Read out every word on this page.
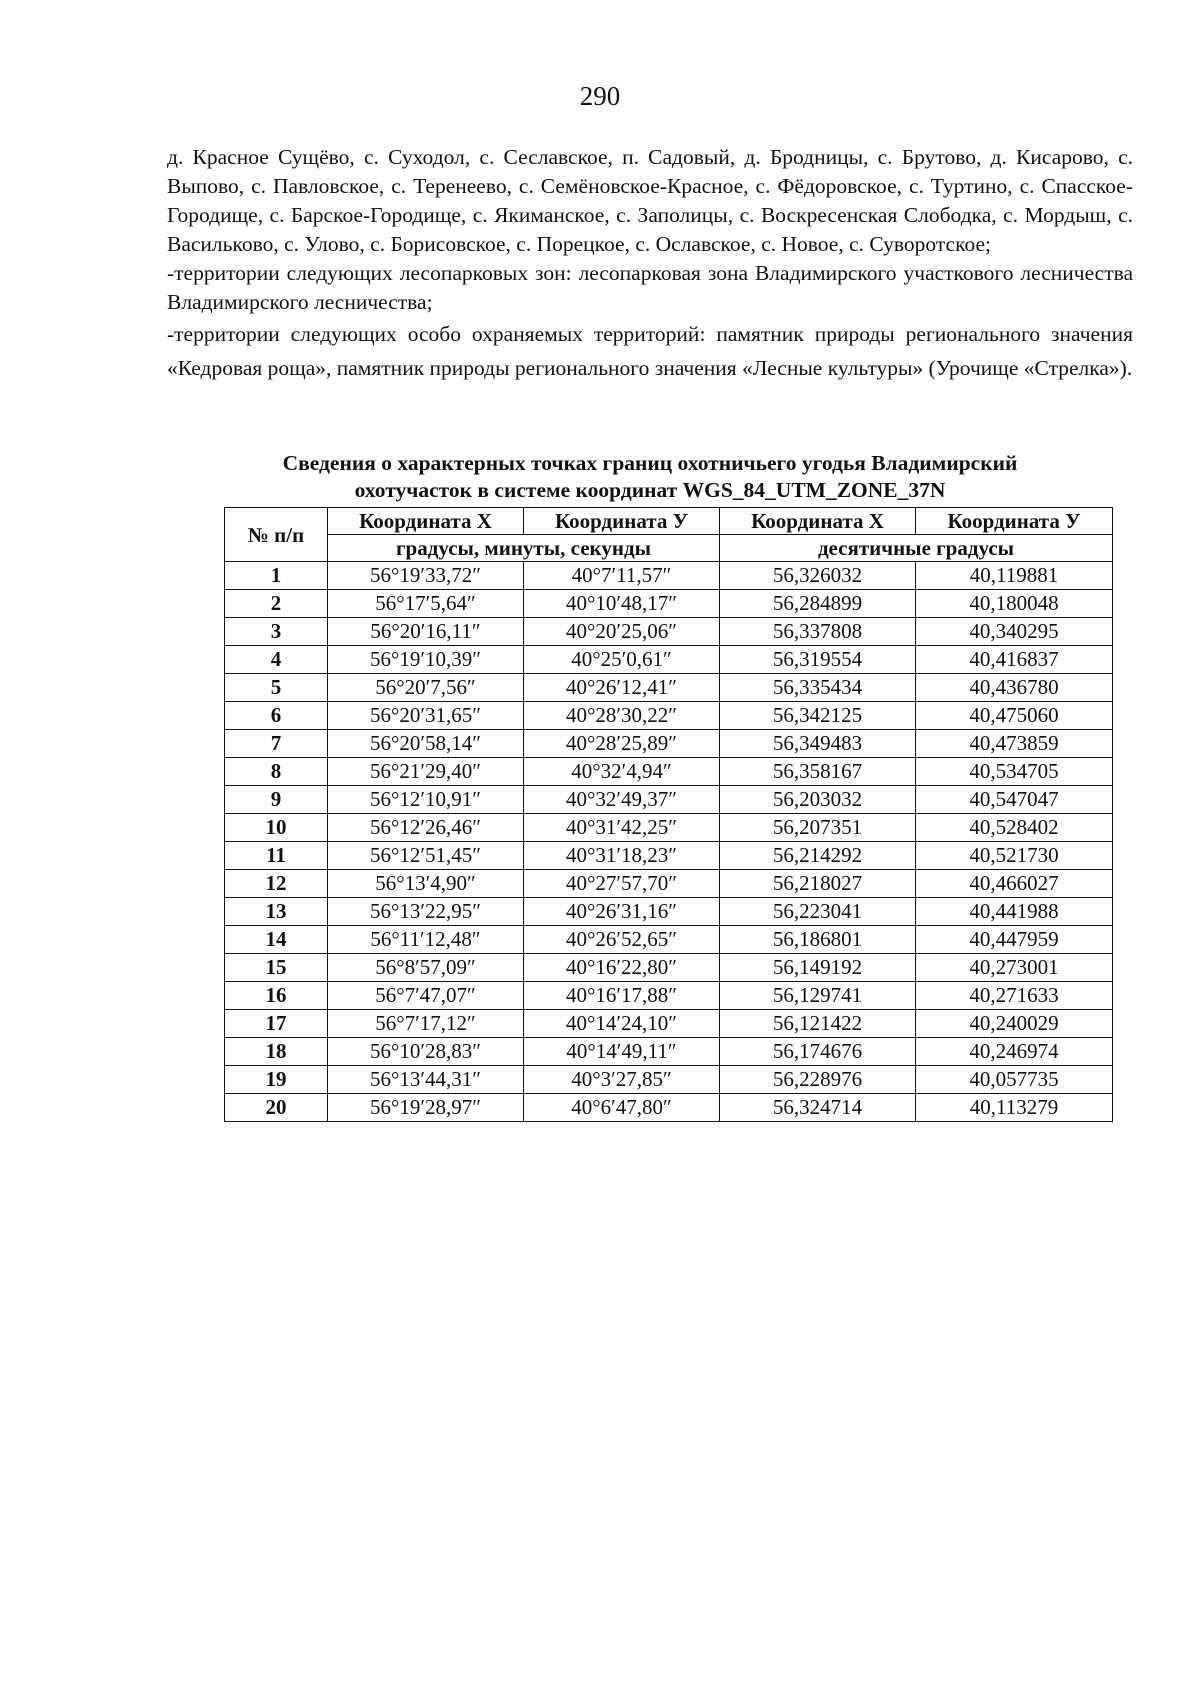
290

д. Красное Сущёво, с. Суходол, с. Сеславское, п. Садовый, д. Бродницы, с. Брутово, д. Кисарово, с. Выпово, с. Павловское, с. Теренеево, с. Семёновское-Красное, с. Фёдоровское, с. Туртино, с. Спасское-Городище, с. Барское-Городище, с. Якиманское, с. Заполицы, с. Воскресенская Слободка, с. Мордыш, с. Васильково, с. Улово, с. Борисовское, с. Порецкое, с. Ославское, с. Новое, с. Суворотское;

-территории следующих лесопарковых зон: лесопарковая зона Владимирского участкового лесничества Владимирского лесничества;

-территории следующих особо охраняемых территорий: памятник природы регионального значения «Кедровая роща», памятник природы регионального значения «Лесные культуры» (Урочище «Стрелка»).

Сведения о характерных точках границ охотничьего угодья Владимирский
охотучасток в системе координат WGS_84_UTM_ZONE_37N
№ п/п	Координата X	Координата У	Координата X	Координата У
	градусы, минуты, секунды		десятичные градусы	
1	56°19′33,72″	40°7′11,57″	56,326032	40,119881
2	56°17′5,64″	40°10′48,17″	56,284899	40,180048
3	56°20′16,11″	40°20′25,06″	56,337808	40,340295
4	56°19′10,39″	40°25′0,61″	56,319554	40,416837
5	56°20′7,56″	40°26′12,41″	56,335434	40,436780
6	56°20′31,65″	40°28′30,22″	56,342125	40,475060
7	56°20′58,14″	40°28′25,89″	56,349483	40,473859
8	56°21′29,40″	40°32′4,94″	56,358167	40,534705
9	56°12′10,91″	40°32′49,37″	56,203032	40,547047
10	56°12′26,46″	40°31′42,25″	56,207351	40,528402
11	56°12′51,45″	40°31′18,23″	56,214292	40,521730
12	56°13′4,90″	40°27′57,70″	56,218027	40,466027
13	56°13′22,95″	40°26′31,16″	56,223041	40,441988
14	56°11′12,48″	40°26′52,65″	56,186801	40,447959
15	56°8′57,09″	40°16′22,80″	56,149192	40,273001
16	56°7′47,07″	40°16′17,88″	56,129741	40,271633
17	56°7′17,12″	40°14′24,10″	56,121422	40,240029
18	56°10′28,83″	40°14′49,11″	56,174676	40,246974
19	56°13′44,31″	40°3′27,85″	56,228976	40,057735
20	56°19′28,97″	40°6′47,80″	56,324714	40,113279
